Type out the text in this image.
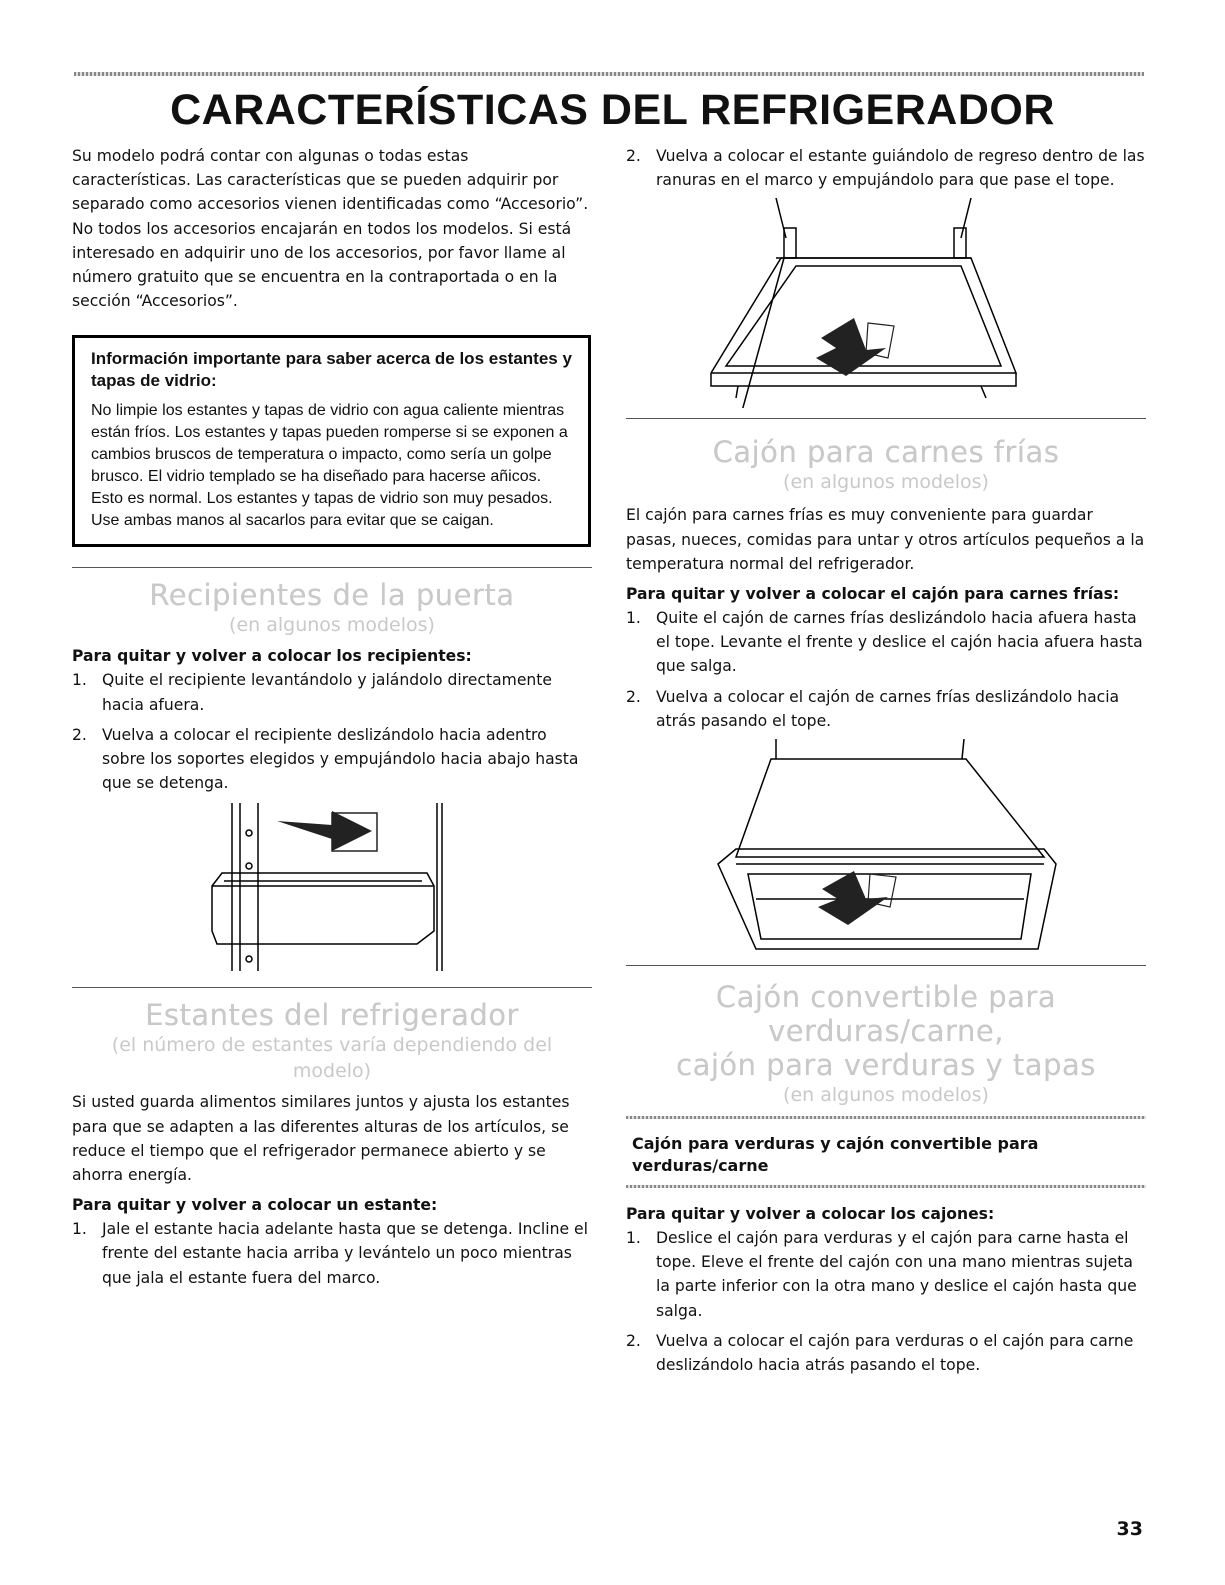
CARACTERÍSTICAS DEL REFRIGERADOR

Su modelo podrá contar con algunas o todas estas características. Las características que se pueden adquirir por separado como accesorios vienen identificadas como “Accesorio”. No todos los accesorios encajarán en todos los modelos. Si está interesado en adquirir uno de los accesorios, por favor llame al número gratuito que se encuentra en la contraportada o en la sección “Accesorios”.

Información importante para saber acerca de los estantes y tapas de vidrio:

No limpie los estantes y tapas de vidrio con agua caliente mientras están fríos. Los estantes y tapas pueden romperse si se exponen a cambios bruscos de temperatura o impacto, como sería un golpe brusco. El vidrio templado se ha diseñado para hacerse añicos. Esto es normal. Los estantes y tapas de vidrio son muy pesados. Use ambas manos al sacarlos para evitar que se caigan.

Recipientes de la puerta

(en algunos modelos)

Para quitar y volver a colocar los recipientes:

1. Quite el recipiente levantándolo y jalándolo directamente hacia afuera.
2. Vuelva a colocar el recipiente deslizándolo hacia adentro sobre los soportes elegidos y empujándolo hacia abajo hasta que se detenga.
Estantes del refrigerador

(el número de estantes varía dependiendo del modelo)

Si usted guarda alimentos similares juntos y ajusta los estantes para que se adapten a las diferentes alturas de los artículos, se reduce el tiempo que el refrigerador permanece abierto y se ahorra energía.

Para quitar y volver a colocar un estante:

1. Jale el estante hacia adelante hasta que se detenga. Incline el frente del estante hacia arriba y levántelo un poco mientras que jala el estante fuera del marco.
2. Vuelva a colocar el estante guiándolo de regreso dentro de las ranuras en el marco y empujándolo para que pase el tope.
Cajón para carnes frías

(en algunos modelos)

El cajón para carnes frías es muy conveniente para guardar pasas, nueces, comidas para untar y otros artículos pequeños a la temperatura normal del refrigerador.

Para quitar y volver a colocar el cajón para carnes frías:

1. Quite el cajón de carnes frías deslizándolo hacia afuera hasta el tope. Levante el frente y deslice el cajón hacia afuera hasta que salga.
2. Vuelva a colocar el cajón de carnes frías deslizándolo hacia atrás pasando el tope.
Cajón convertible para verduras/carne,
cajón para verduras y tapas

(en algunos modelos)

Cajón para verduras y cajón convertible para verduras/carne

Para quitar y volver a colocar los cajones:

1. Deslice el cajón para verduras y el cajón para carne hasta el tope. Eleve el frente del cajón con una mano mientras sujeta la parte inferior con la otra mano y deslice el cajón hasta que salga.
2. Vuelva a colocar el cajón para verduras o el cajón para carne deslizándolo hacia atrás pasando el tope.
33
